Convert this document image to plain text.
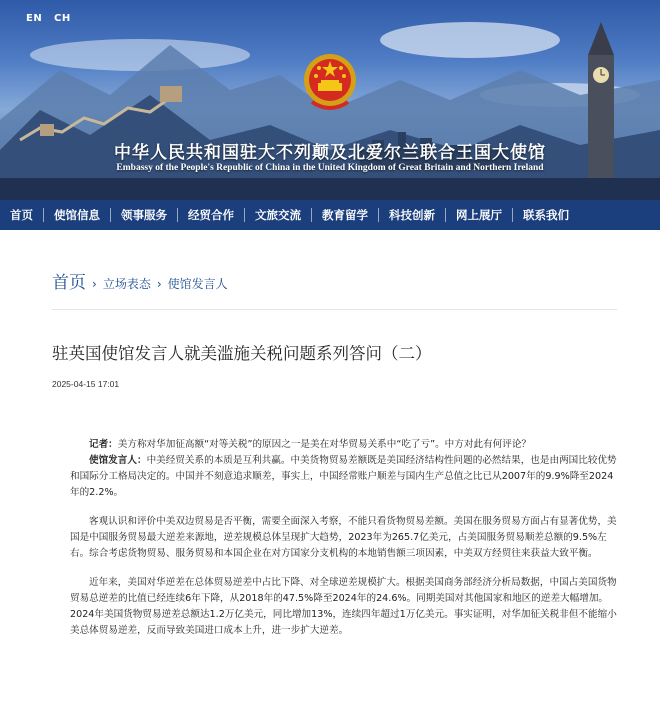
EN CH
中华人民共和国驻大不列颠及北爱尔兰联合王国大使馆
Embassy of the People's Republic of China in the United Kingdom of Great Britain and Northern Ireland
首页	使馆信息	领事服务	经贸合作	文旅交流	教育留学	科技创新	网上展厅	联系我们
首页 › 立场表态 › 使馆发言人
驻英国使馆发言人就美滥施关税问题系列答问（二）
2025-04-15 17:01

记者：美方称对华加征高额“对等关税”的原因之一是美在对华贸易关系中“吃了亏”。中方对此有何评论？

使馆发言人：中美经贸关系的本质是互利共赢。中美货物贸易差额既是美国经济结构性问题的必然结果，也是由两国比较优势和国际分工格局决定的。中国并不刻意追求顺差，事实上，中国经常账户顺差与国内生产总值之比已从2007年的9.9%降至2024年的2.2%。

客观认识和评价中美双边贸易是否平衡，需要全面深入考察，不能只看货物贸易差额。美国在服务贸易方面占有显著优势，美国是中国服务贸易最大逆差来源地，逆差规模总体呈现扩大趋势，2023年为265.7亿美元，占美国服务贸易顺差总额的9.5%左右。综合考虑货物贸易、服务贸易和本国企业在对方国家分支机构的本地销售额三项因素，中美双方经贸往来获益大致平衡。

近年来，美国对华逆差在总体贸易逆差中占比下降、对全球逆差规模扩大。根据美国商务部经济分析局数据，中国占美国货物贸易总逆差的比值已经连续6年下降，从2018年的47.5%降至2024年的24.6%。同期美国对其他国家和地区的逆差大幅增加。2024年美国货物贸易逆差总额达1.2万亿美元，同比增加13%，连续四年超过1万亿美元。事实证明，对华加征关税非但不能缩小美总体贸易逆差，反而导致美国进口成本上升，进一步扩大逆差。
